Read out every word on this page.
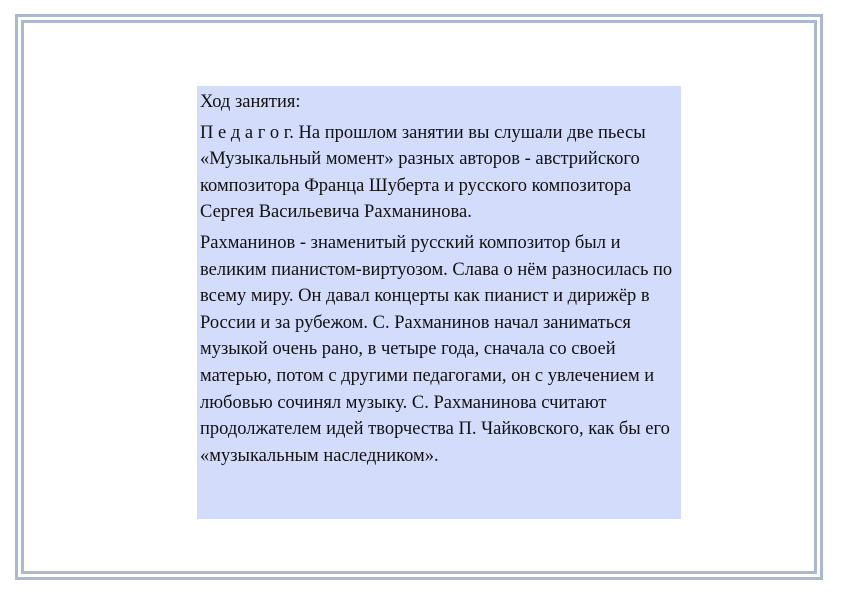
Ход занятия:

П е д а г о г. На прошлом занятии вы слушали две пьесы «Музыкальный момент» разных авторов - австрийского композитора Франца Шуберта и русского композитора Сергея Васильевича Рахманинова.

Рахманинов - знаменитый русский композитор был и великим пианистом-виртуозом. Слава о нём разносилась по всему миру. Он давал концерты как пианист и дирижёр в России и за рубежом. С. Рахманинов начал заниматься музыкой очень рано, в четыре года, сначала со своей матерью, потом с другими педагогами, он с увлечением и любовью сочинял музыку. С. Рахманинова считают продолжателем идей творчества П. Чайковского, как бы его «музыкальным наследником».
